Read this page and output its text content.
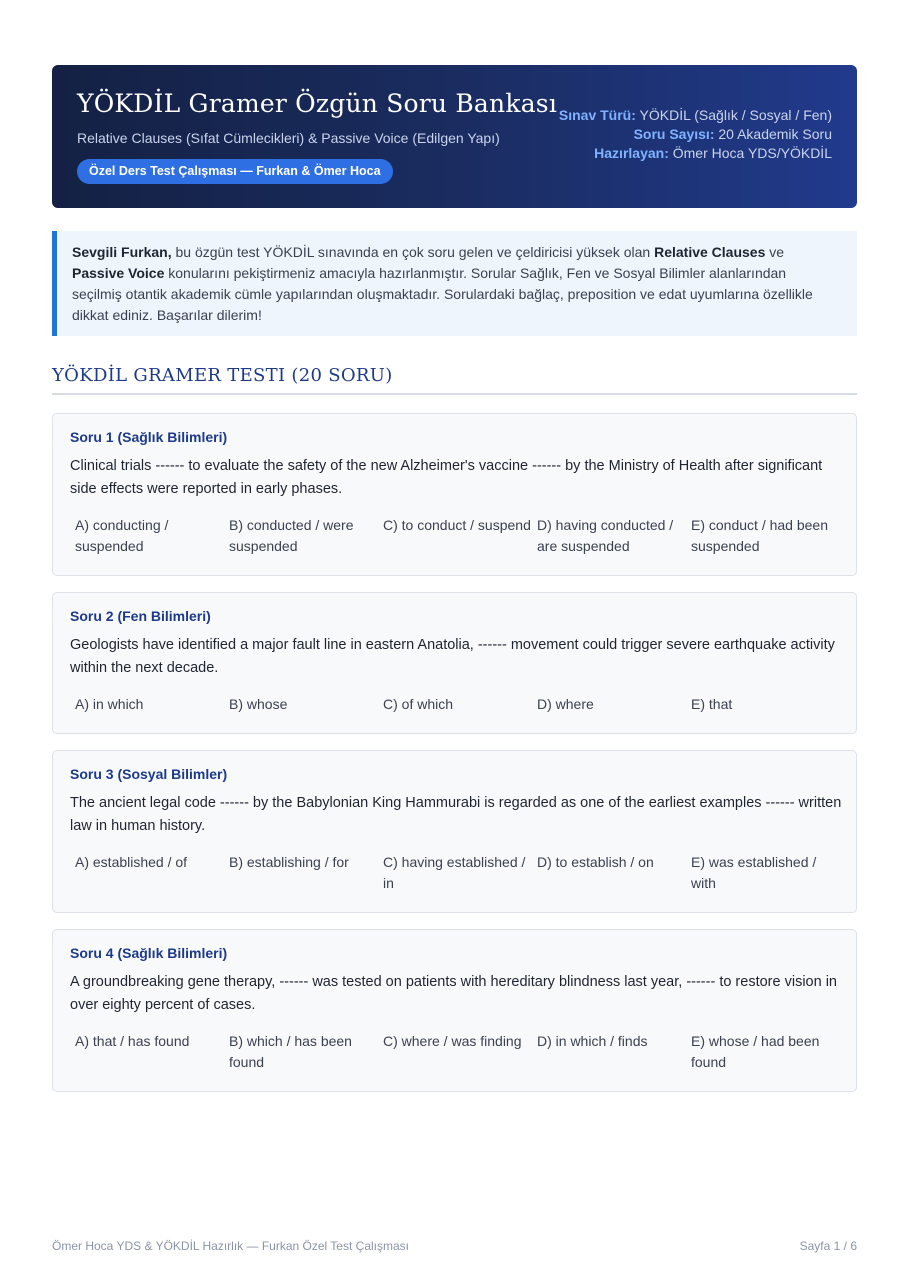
YÖKDİL Gramer Özgün Soru Bankası
Relative Clauses (Sıfat Cümlecikleri) & Passive Voice (Edilgen Yapı)
Özel Ders Test Çalışması — Furkan & Ömer Hoca
Sınav Türü: YÖKDİL (Sağlık / Sosyal / Fen)
Soru Sayısı: 20 Akademik Soru
Hazırlayan: Ömer Hoca YDS/YÖKDİL
Sevgili Furkan, bu özgün test YÖKDİL sınavında en çok soru gelen ve çeldiricisi yüksek olan Relative Clauses ve Passive Voice konularını pekiştirmeniz amacıyla hazırlanmıştır. Sorular Sağlık, Fen ve Sosyal Bilimler alanlarından seçilmiş otantik akademik cümle yapılarından oluşmaktadır. Sorulardaki bağlaç, preposition ve edat uyumlarına özellikle dikkat ediniz. Başarılar dilerim!
YÖKDİL GRAMER TESTI (20 SORU)
Soru 1 (Sağlık Bilimleri)
Clinical trials ------ to evaluate the safety of the new Alzheimer's vaccine ------ by the Ministry of Health after significant side effects were reported in early phases.
A) conducting / suspended
B) conducted / were suspended
C) to conduct / suspend D) having conducted / are suspended
E) conduct / had been suspended
Soru 2 (Fen Bilimleri)
Geologists have identified a major fault line in eastern Anatolia, ------ movement could trigger severe earthquake activity within the next decade.
A) in which	B) whose	C) of which	D) where	E) that
Soru 3 (Sosyal Bilimler)
The ancient legal code ------ by the Babylonian King Hammurabi is regarded as one of the earliest examples ------ written law in human history.
A) established / of	B) establishing / for	C) having established / in
D) to establish / on	E) was established / with
Soru 4 (Sağlık Bilimleri)
A groundbreaking gene therapy, ------ was tested on patients with hereditary blindness last year, ------ to restore vision in over eighty percent of cases.
A) that / has found	B) which / has been found
C) where / was finding	D) in which / finds	E) whose / had been found
Ömer Hoca YDS & YÖKDİL Hazırlık — Furkan Özel Test Çalışması	Sayfa 1 / 6
